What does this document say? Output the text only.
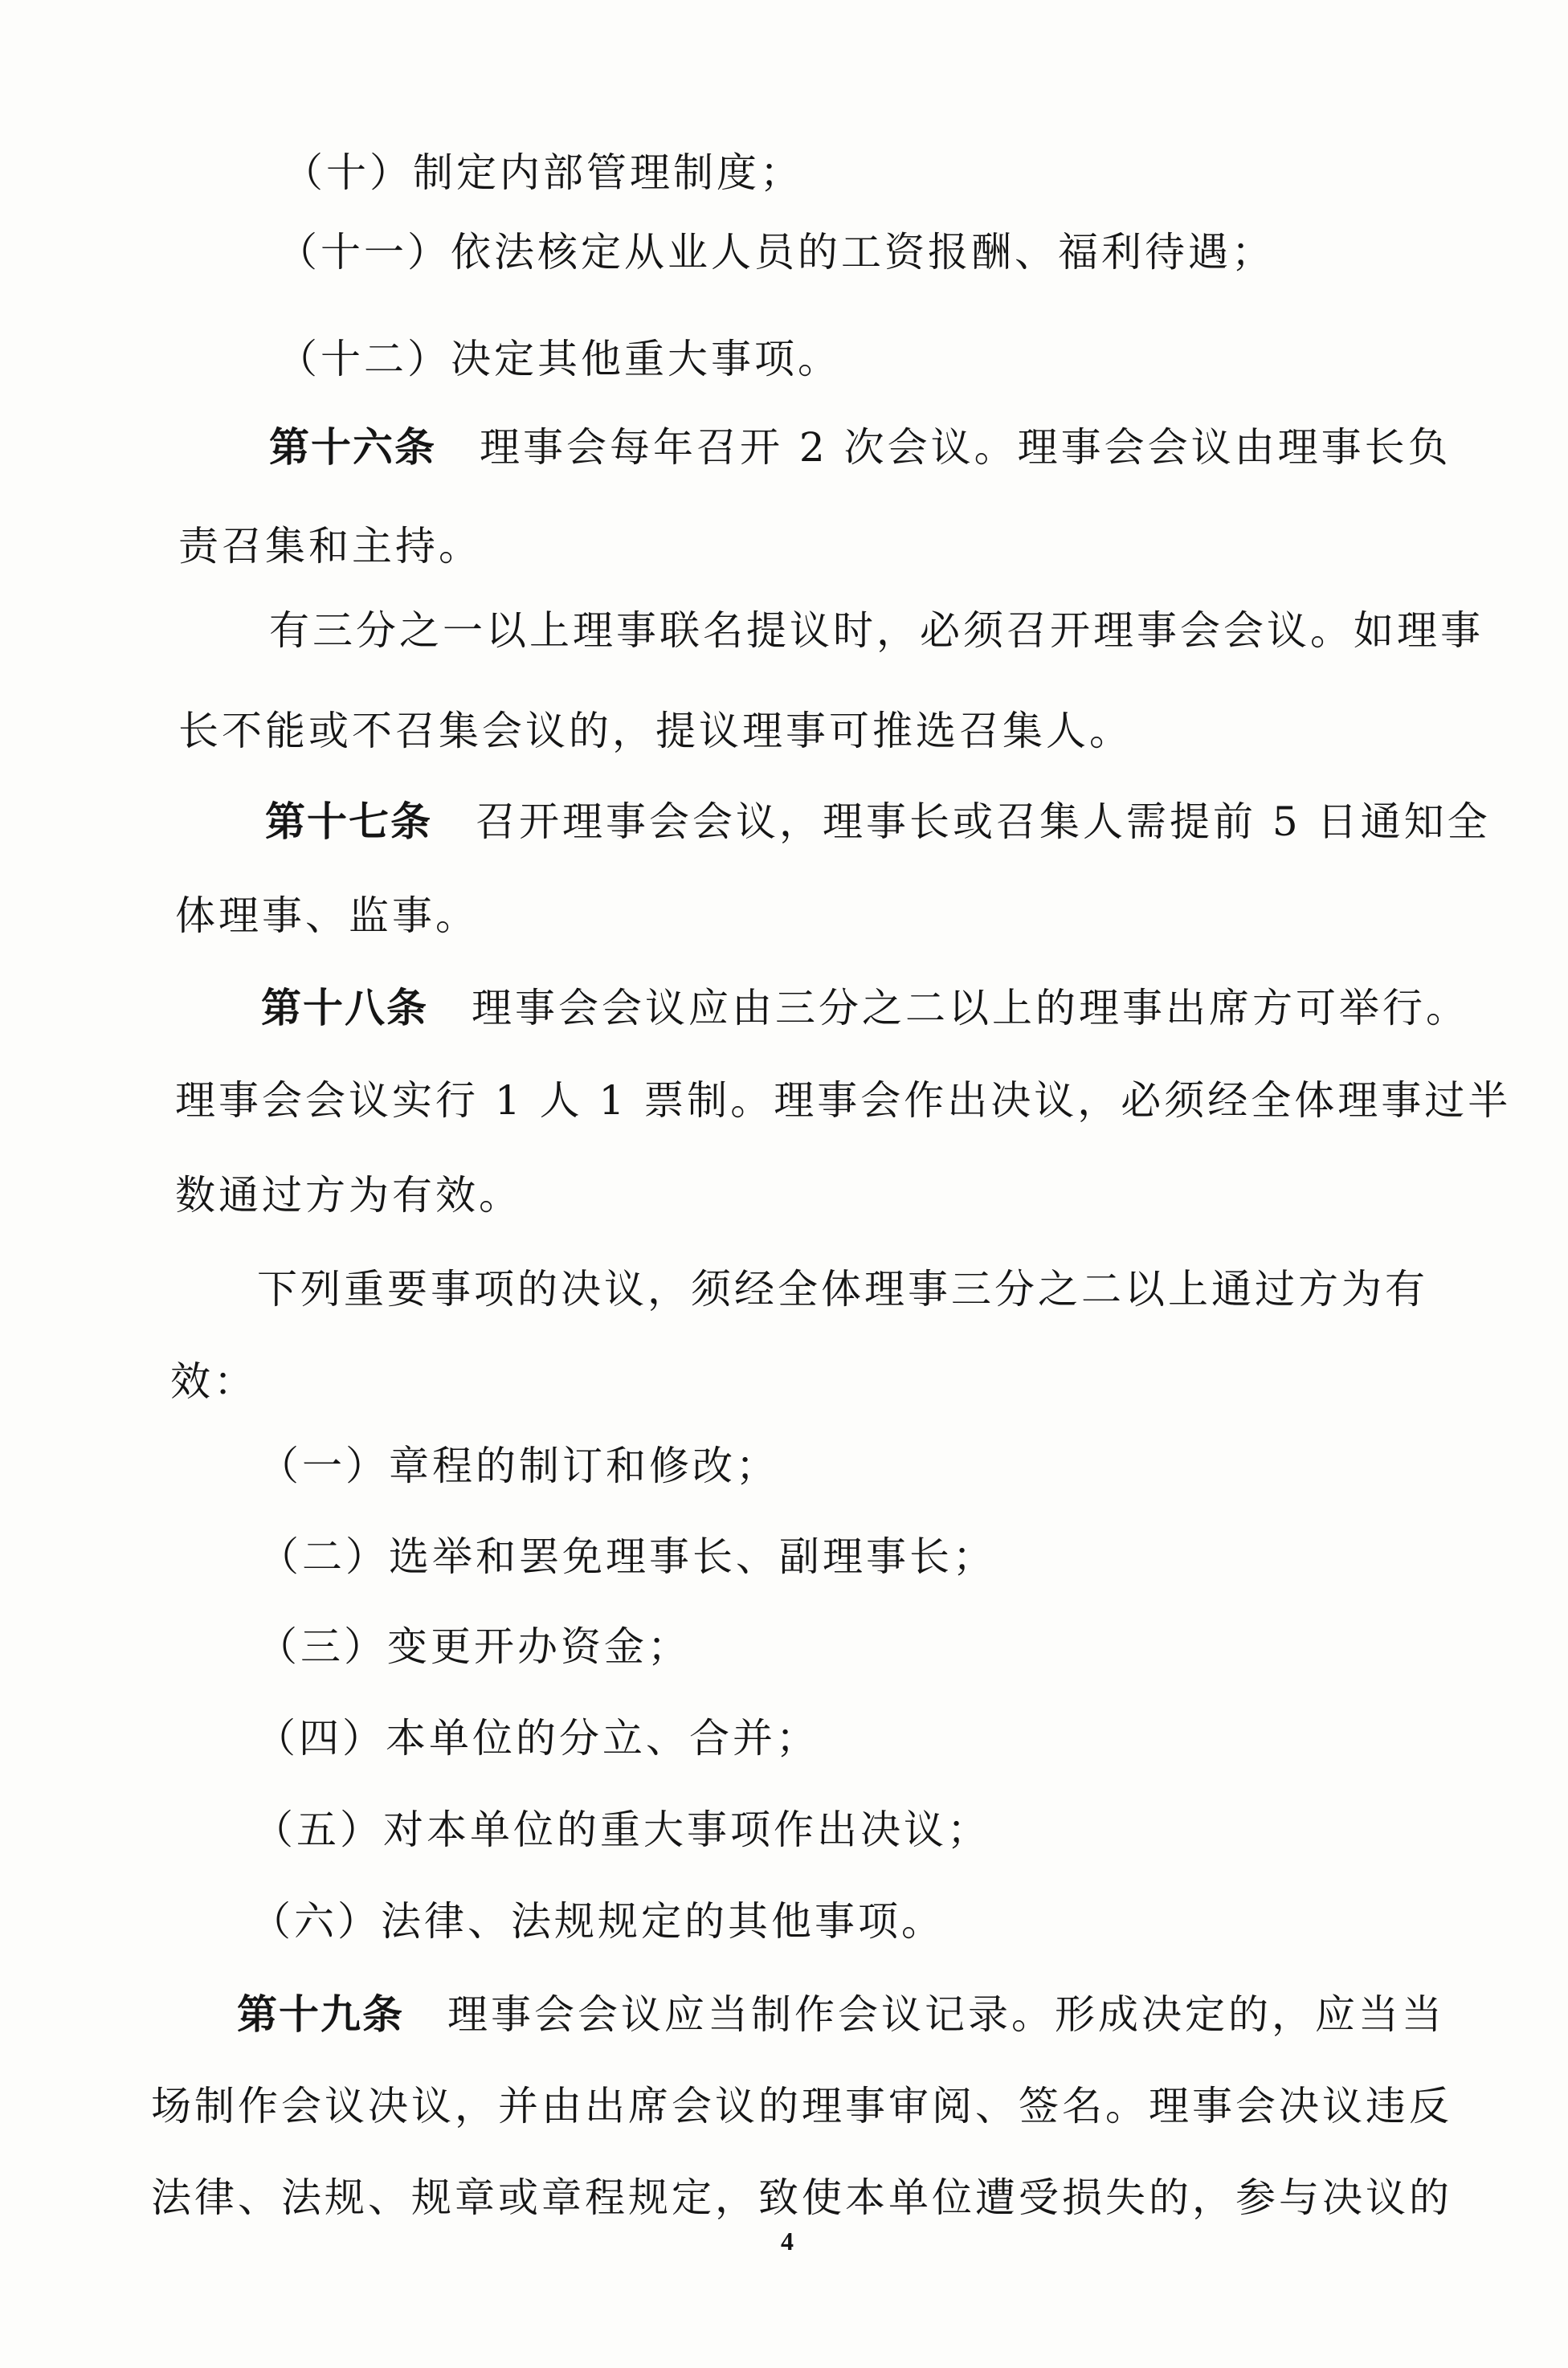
（十）制定内部管理制度；
（十一）依法核定从业人员的工资报酬、福利待遇；
（十二）决定其他重大事项。
第十六条 理事会每年召开 2 次会议。理事会会议由理事长负
责召集和主持。
有三分之一以上理事联名提议时，必须召开理事会会议。如理事
长不能或不召集会议的，提议理事可推选召集人。
第十七条 召开理事会会议，理事长或召集人需提前 5 日通知全
体理事、监事。
第十八条 理事会会议应由三分之二以上的理事出席方可举行。
理事会会议实行 1 人 1 票制。理事会作出决议，必须经全体理事过半
数通过方为有效。
下列重要事项的决议，须经全体理事三分之二以上通过方为有
效：
（一）章程的制订和修改；
（二）选举和罢免理事长、副理事长；
（三）变更开办资金；
（四）本单位的分立、合并；
（五）对本单位的重大事项作出决议；
（六）法律、法规规定的其他事项。
第十九条 理事会会议应当制作会议记录。形成决定的，应当当
场制作会议决议，并由出席会议的理事审阅、签名。理事会决议违反
法律、法规、规章或章程规定，致使本单位遭受损失的，参与决议的
4
